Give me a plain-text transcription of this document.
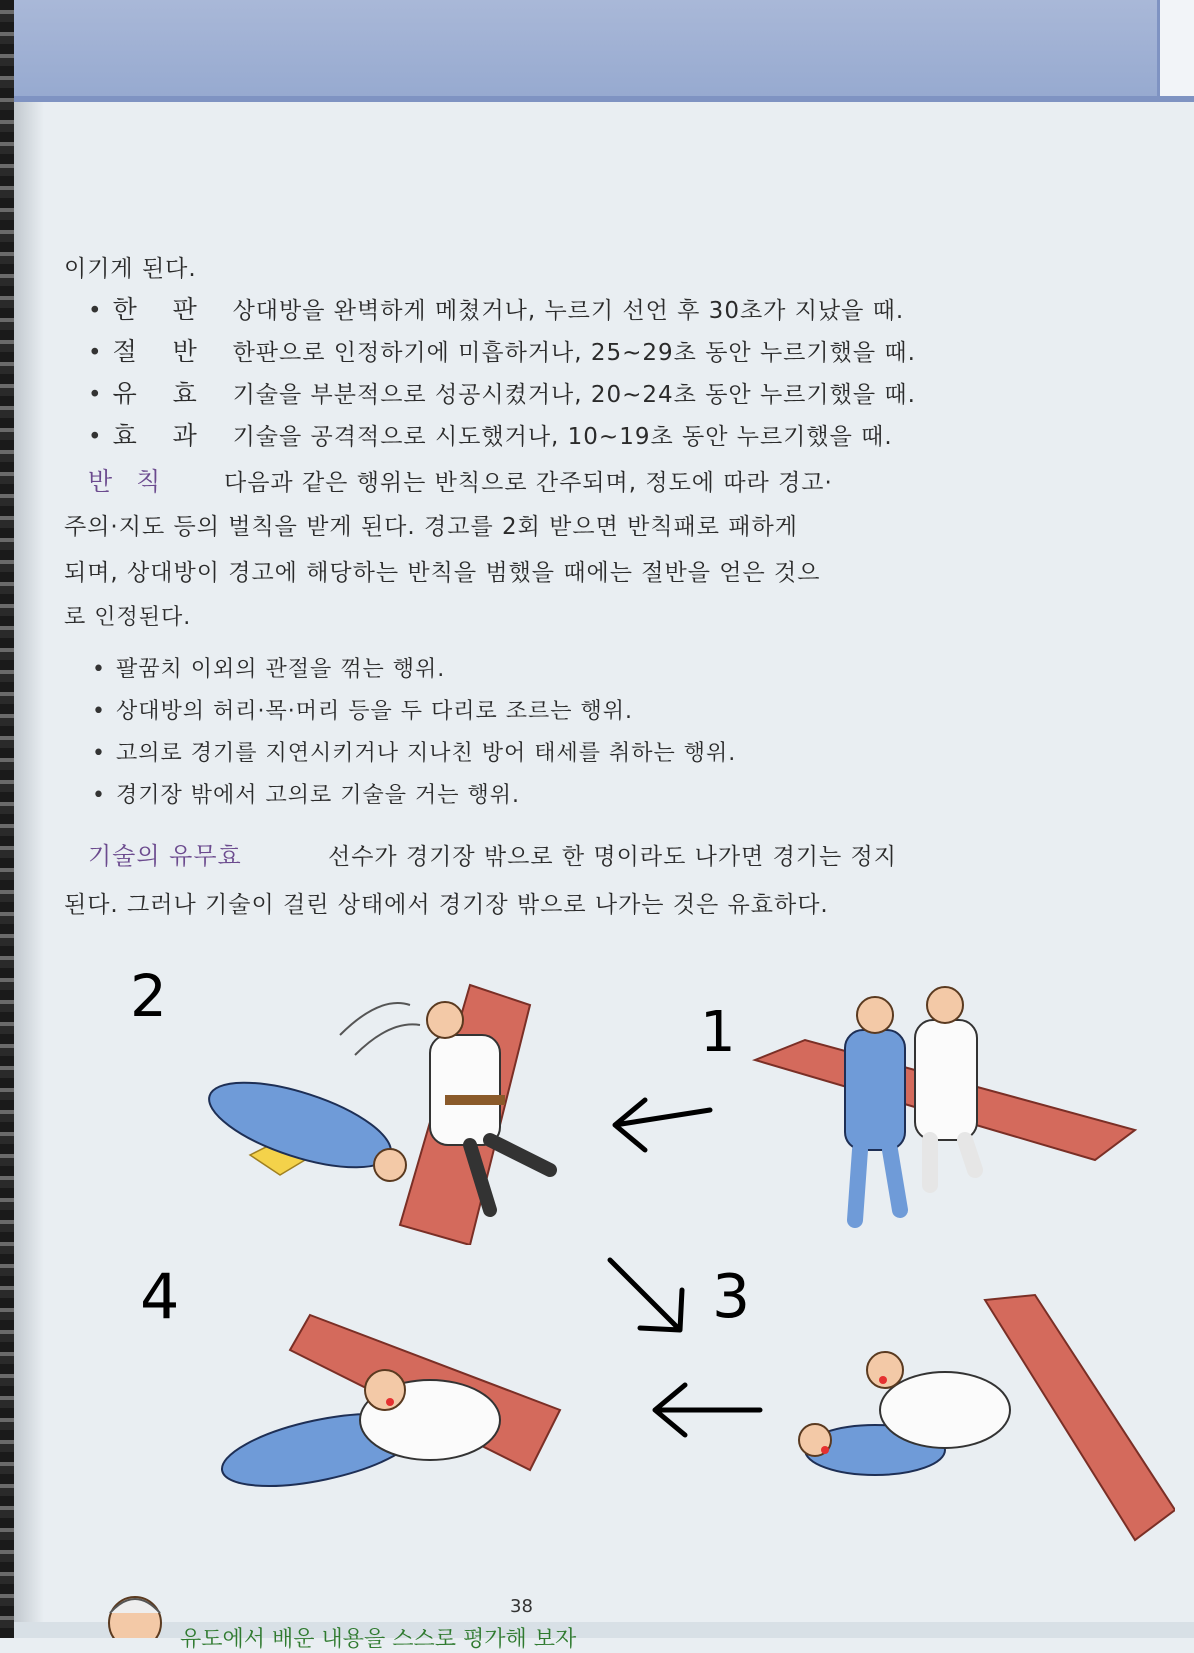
이기게 된다.
• 한 판 상대방을 완벽하게 메쳤거나, 누르기 선언 후 30초가 지났을 때.
• 절 반 한판으로 인정하기에 미흡하거나, 25∼29초 동안 누르기했을 때.
• 유 효 기술을 부분적으로 성공시켰거나, 20∼24초 동안 누르기했을 때.
• 효 과 기술을 공격적으로 시도했거나, 10∼19초 동안 누르기했을 때.
반 칙 다음과 같은 행위는 반칙으로 간주되며, 정도에 따라 경고·
주의·지도 등의 벌칙을 받게 된다. 경고를 2회 받으면 반칙패로 패하게
되며, 상대방이 경고에 해당하는 반칙을 범했을 때에는 절반을 얻은 것으
로 인정된다.
• 팔꿈치 이외의 관절을 꺾는 행위.
• 상대방의 허리·목·머리 등을 두 다리로 조르는 행위.
• 고의로 경기를 지연시키거나 지나친 방어 태세를 취하는 행위.
• 경기장 밖에서 고의로 기술을 거는 행위.
기술의 유무효	선수가 경기장 밖으로 한 명이라도 나가면 경기는 정지
된다. 그러나 기술이 걸린 상태에서 경기장 밖으로 나가는 것은 유효하다.
2
1
4	3
유도에서 배운 내용을 스스로 평가해 보자
38
